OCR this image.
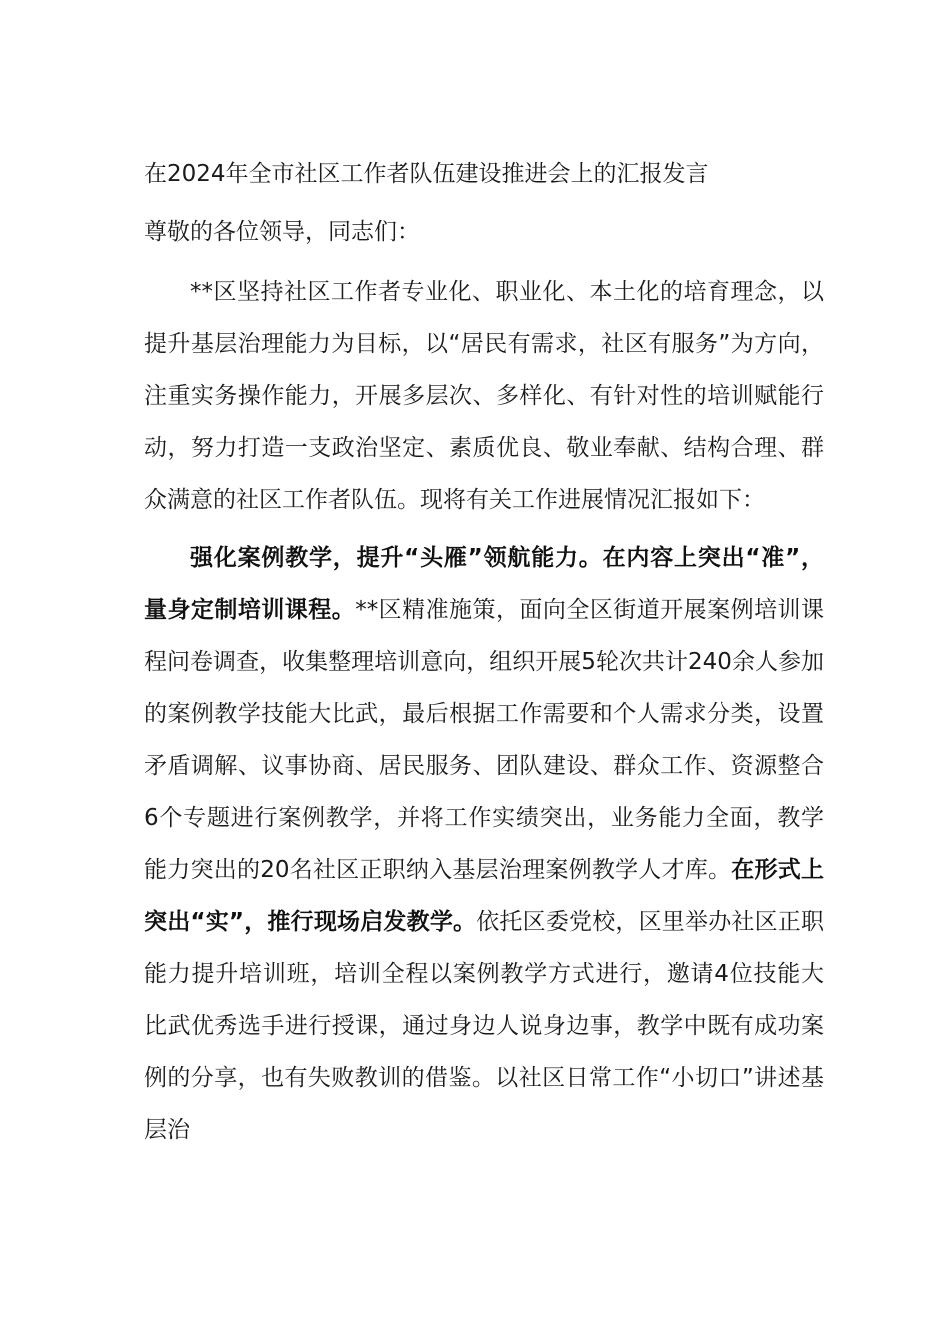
在2024年全市社区工作者队伍建设推进会上的汇报发言

尊敬的各位领导，同志们：

**区坚持社区工作者专业化、职业化、本土化的培育理念，以提升基层治理能力为目标，以“居民有需求，社区有服务”为方向，注重实务操作能力，开展多层次、多样化、有针对性的培训赋能行动，努力打造一支政治坚定、素质优良、敬业奉献、结构合理、群众满意的社区工作者队伍。现将有关工作进展情况汇报如下：

强化案例教学，提升“头雁”领航能力。在内容上突出“准”，量身定制培训课程。**区精准施策，面向全区街道开展案例培训课程问卷调查，收集整理培训意向，组织开展5轮次共计240余人参加的案例教学技能大比武，最后根据工作需要和个人需求分类，设置矛盾调解、议事协商、居民服务、团队建设、群众工作、资源整合6个专题进行案例教学，并将工作实绩突出，业务能力全面，教学能力突出的20名社区正职纳入基层治理案例教学人才库。在形式上突出“实”，推行现场启发教学。依托区委党校，区里举办社区正职能力提升培训班，培训全程以案例教学方式进行，邀请4位技能大比武优秀选手进行授课，通过身边人说身边事，教学中既有成功案例的分享，也有失败教训的借鉴。以社区日常工作“小切口”讲述基层治
